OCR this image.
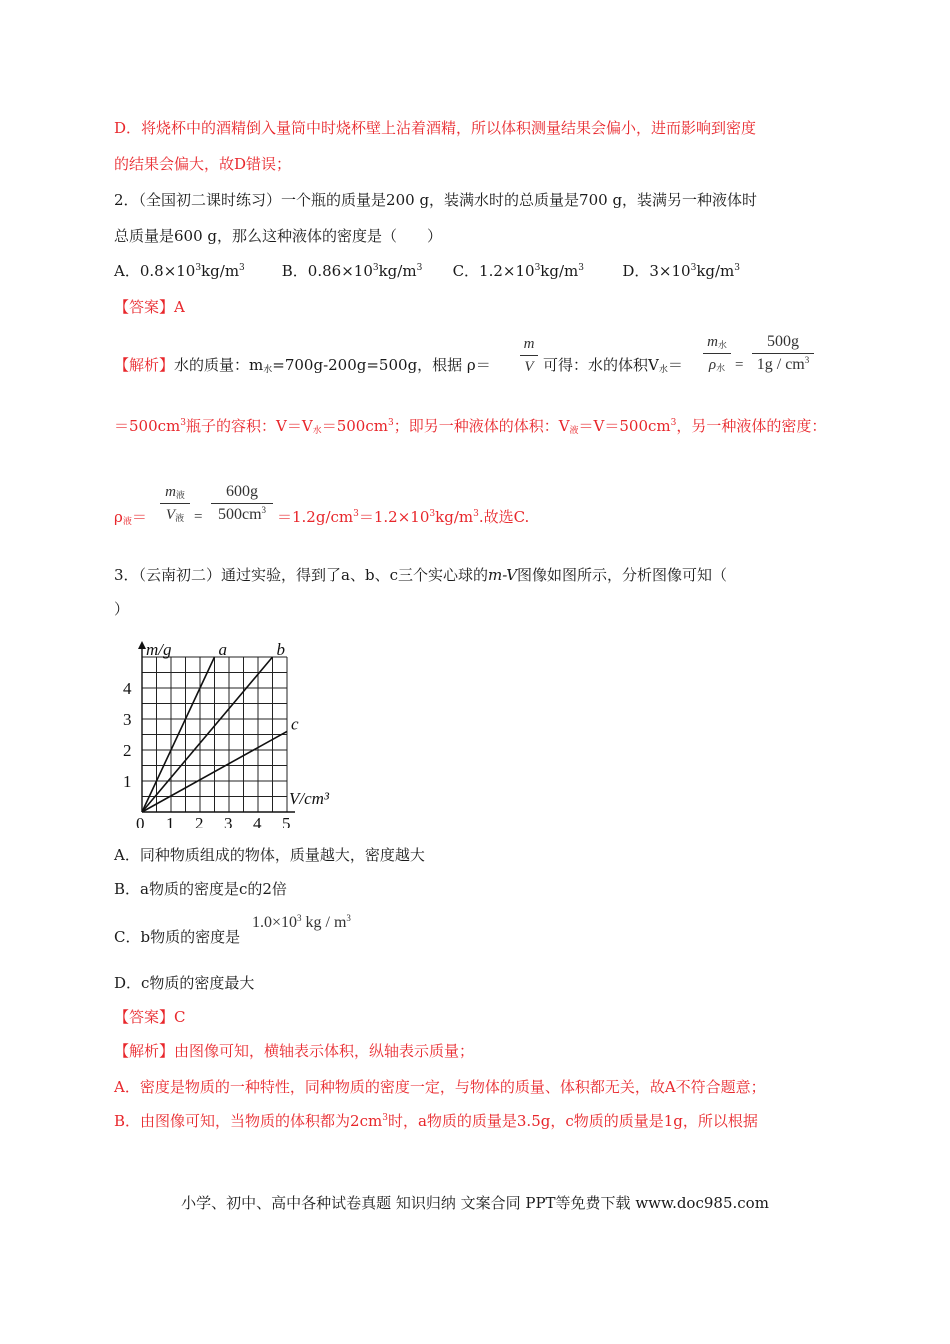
D．将烧杯中的酒精倒入量筒中时烧杯壁上沾着酒精，所以体积测量结果会偏小，进而影响到密度
的结果会偏大，故D错误；
2．（全国初二课时练习）一个瓶的质量是200 g，装满水时的总质量是700 g，装满另一种液体时
总质量是600 g，那么这种液体的密度是（　　）
A．$0.8\times 10^3kg/m^3$ B．$0.86\times 10^3kg/m^3$ C．$1.2\times 10^3kg/m^3$	D．$3\times 10^3kg/m^3$
【答案】A
【解析】水的质量：$m_水=700g-200g=500g$，根据 ρ＝
m
V 可得：水的体积$V_水=$
$m_水$
$\rho_水$ =
500g
$1g / cm^3$
$=500cm^3$瓶子的容积：$V=V_水=500cm^3$；即另一种液体的体积：$V_液=V=500cm^3$，另一种液体的密度：
$\rho_液=$
$m_液$
$V_液$ =
600g
$500cm^3 =1.2g/cm^3=1.2\times 10^3kg/m^3$.故选C.
3．（云南初二）通过实验，得到了a、b、c三个实心球的m-V图像如图所示，分析图像可知（
）
a	b
c
0 1 2 3 4 5
1
2
3
4
m/g
V/cm³
A．同种物质组成的物体，质量越大，密度越大
B．a物质的密度是c的2倍
C．b物质的密度是
$1.0\times 10^3$ kg / $m^3$
D．c物质的密度最大
【答案】C
【解析】由图像可知，横轴表示体积，纵轴表示质量；
A．密度是物质的一种特性，同种物质的密度一定，与物体的质量、体积都无关，故A不符合题意；
B．由图像可知，当物质的体积都为$2cm^3$时，a物质的质量是3.5g，c物质的质量是1g，所以根据
小学、初中、高中各种试卷真题 知识归纳 文案合同 PPT等免费下载 www.doc985.com
